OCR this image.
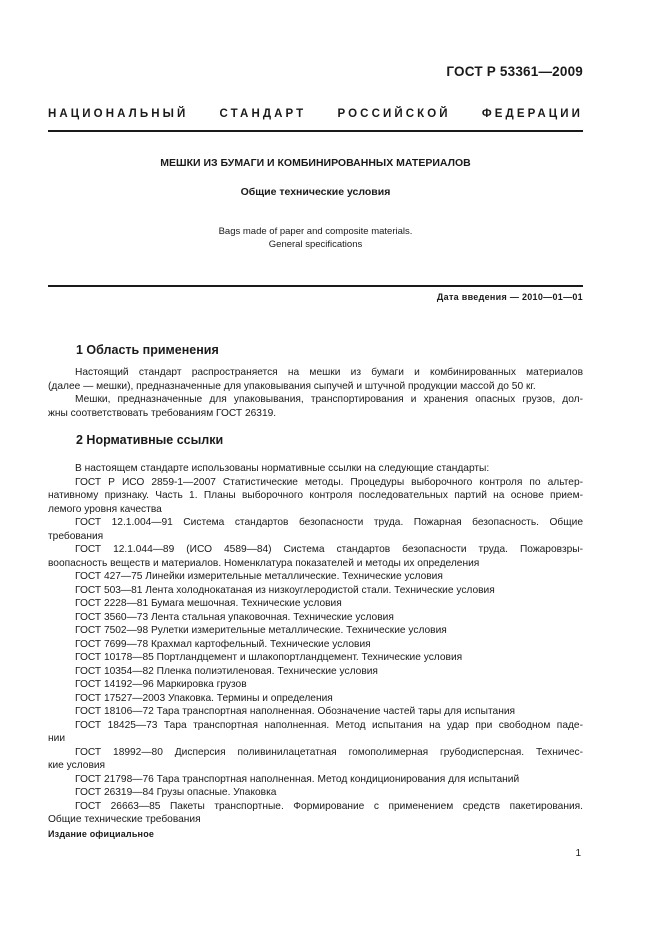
ГОСТ Р 53361—2009
НАЦИОНАЛЬНЫЙ СТАНДАРТ РОССИЙСКОЙ ФЕДЕРАЦИИ
МЕШКИ ИЗ БУМАГИ И КОМБИНИРОВАННЫХ МАТЕРИАЛОВ
Общие технические условия
Bags made of paper and composite materials.
General specifications
Дата введения — 2010—01—01
1 Область применения
Настоящий стандарт распространяется на мешки из бумаги и комбинированных материалов
(далее — мешки), предназначенные для упаковывания сыпучей и штучной продукции массой до 50 кг.
Мешки, предназначенные для упаковывания, транспортирования и хранения опасных грузов, дол-
жны соответствовать требованиям ГОСТ 26319.
2 Нормативные ссылки
В настоящем стандарте использованы нормативные ссылки на следующие стандарты:
ГОСТ Р ИСО 2859-1—2007 Статистические методы. Процедуры выборочного контроля по альтер-
нативному признаку. Часть 1. Планы выборочного контроля последовательных партий на основе прием-
лемого уровня качества
ГОСТ 12.1.004—91 Система стандартов безопасности труда. Пожарная безопасность. Общие
требования
ГОСТ 12.1.044—89 (ИСО 4589—84) Система стандартов безопасности труда. Пожаровзры-
воопасность веществ и материалов. Номенклатура показателей и методы их определения
ГОСТ 427—75 Линейки измерительные металлические. Технические условия
ГОСТ 503—81 Лента холоднокатаная из низкоуглеродистой стали. Технические условия
ГОСТ 2228—81 Бумага мешочная. Технические условия
ГОСТ 3560—73 Лента стальная упаковочная. Технические условия
ГОСТ 7502—98 Рулетки измерительные металлические. Технические условия
ГОСТ 7699—78 Крахмал картофельный. Технические условия
ГОСТ 10178—85 Портландцемент и шлакопортландцемент. Технические условия
ГОСТ 10354—82 Пленка полиэтиленовая. Технические условия
ГОСТ 14192—96 Маркировка грузов
ГОСТ 17527—2003 Упаковка. Термины и определения
ГОСТ 18106—72 Тара транспортная наполненная. Обозначение частей тары для испытания
ГОСТ 18425—73 Тара транспортная наполненная. Метод испытания на удар при свободном паде-
нии
ГОСТ 18992—80 Дисперсия поливинилацетатная гомополимерная грубодисперсная. Техничес-
кие условия
ГОСТ 21798—76 Тара транспортная наполненная. Метод кондиционирования для испытаний
ГОСТ 26319—84 Грузы опасные. Упаковка
ГОСТ 26663—85 Пакеты транспортные. Формирование с применением средств пакетирования.
Общие технические требования
Издание официальное
1
